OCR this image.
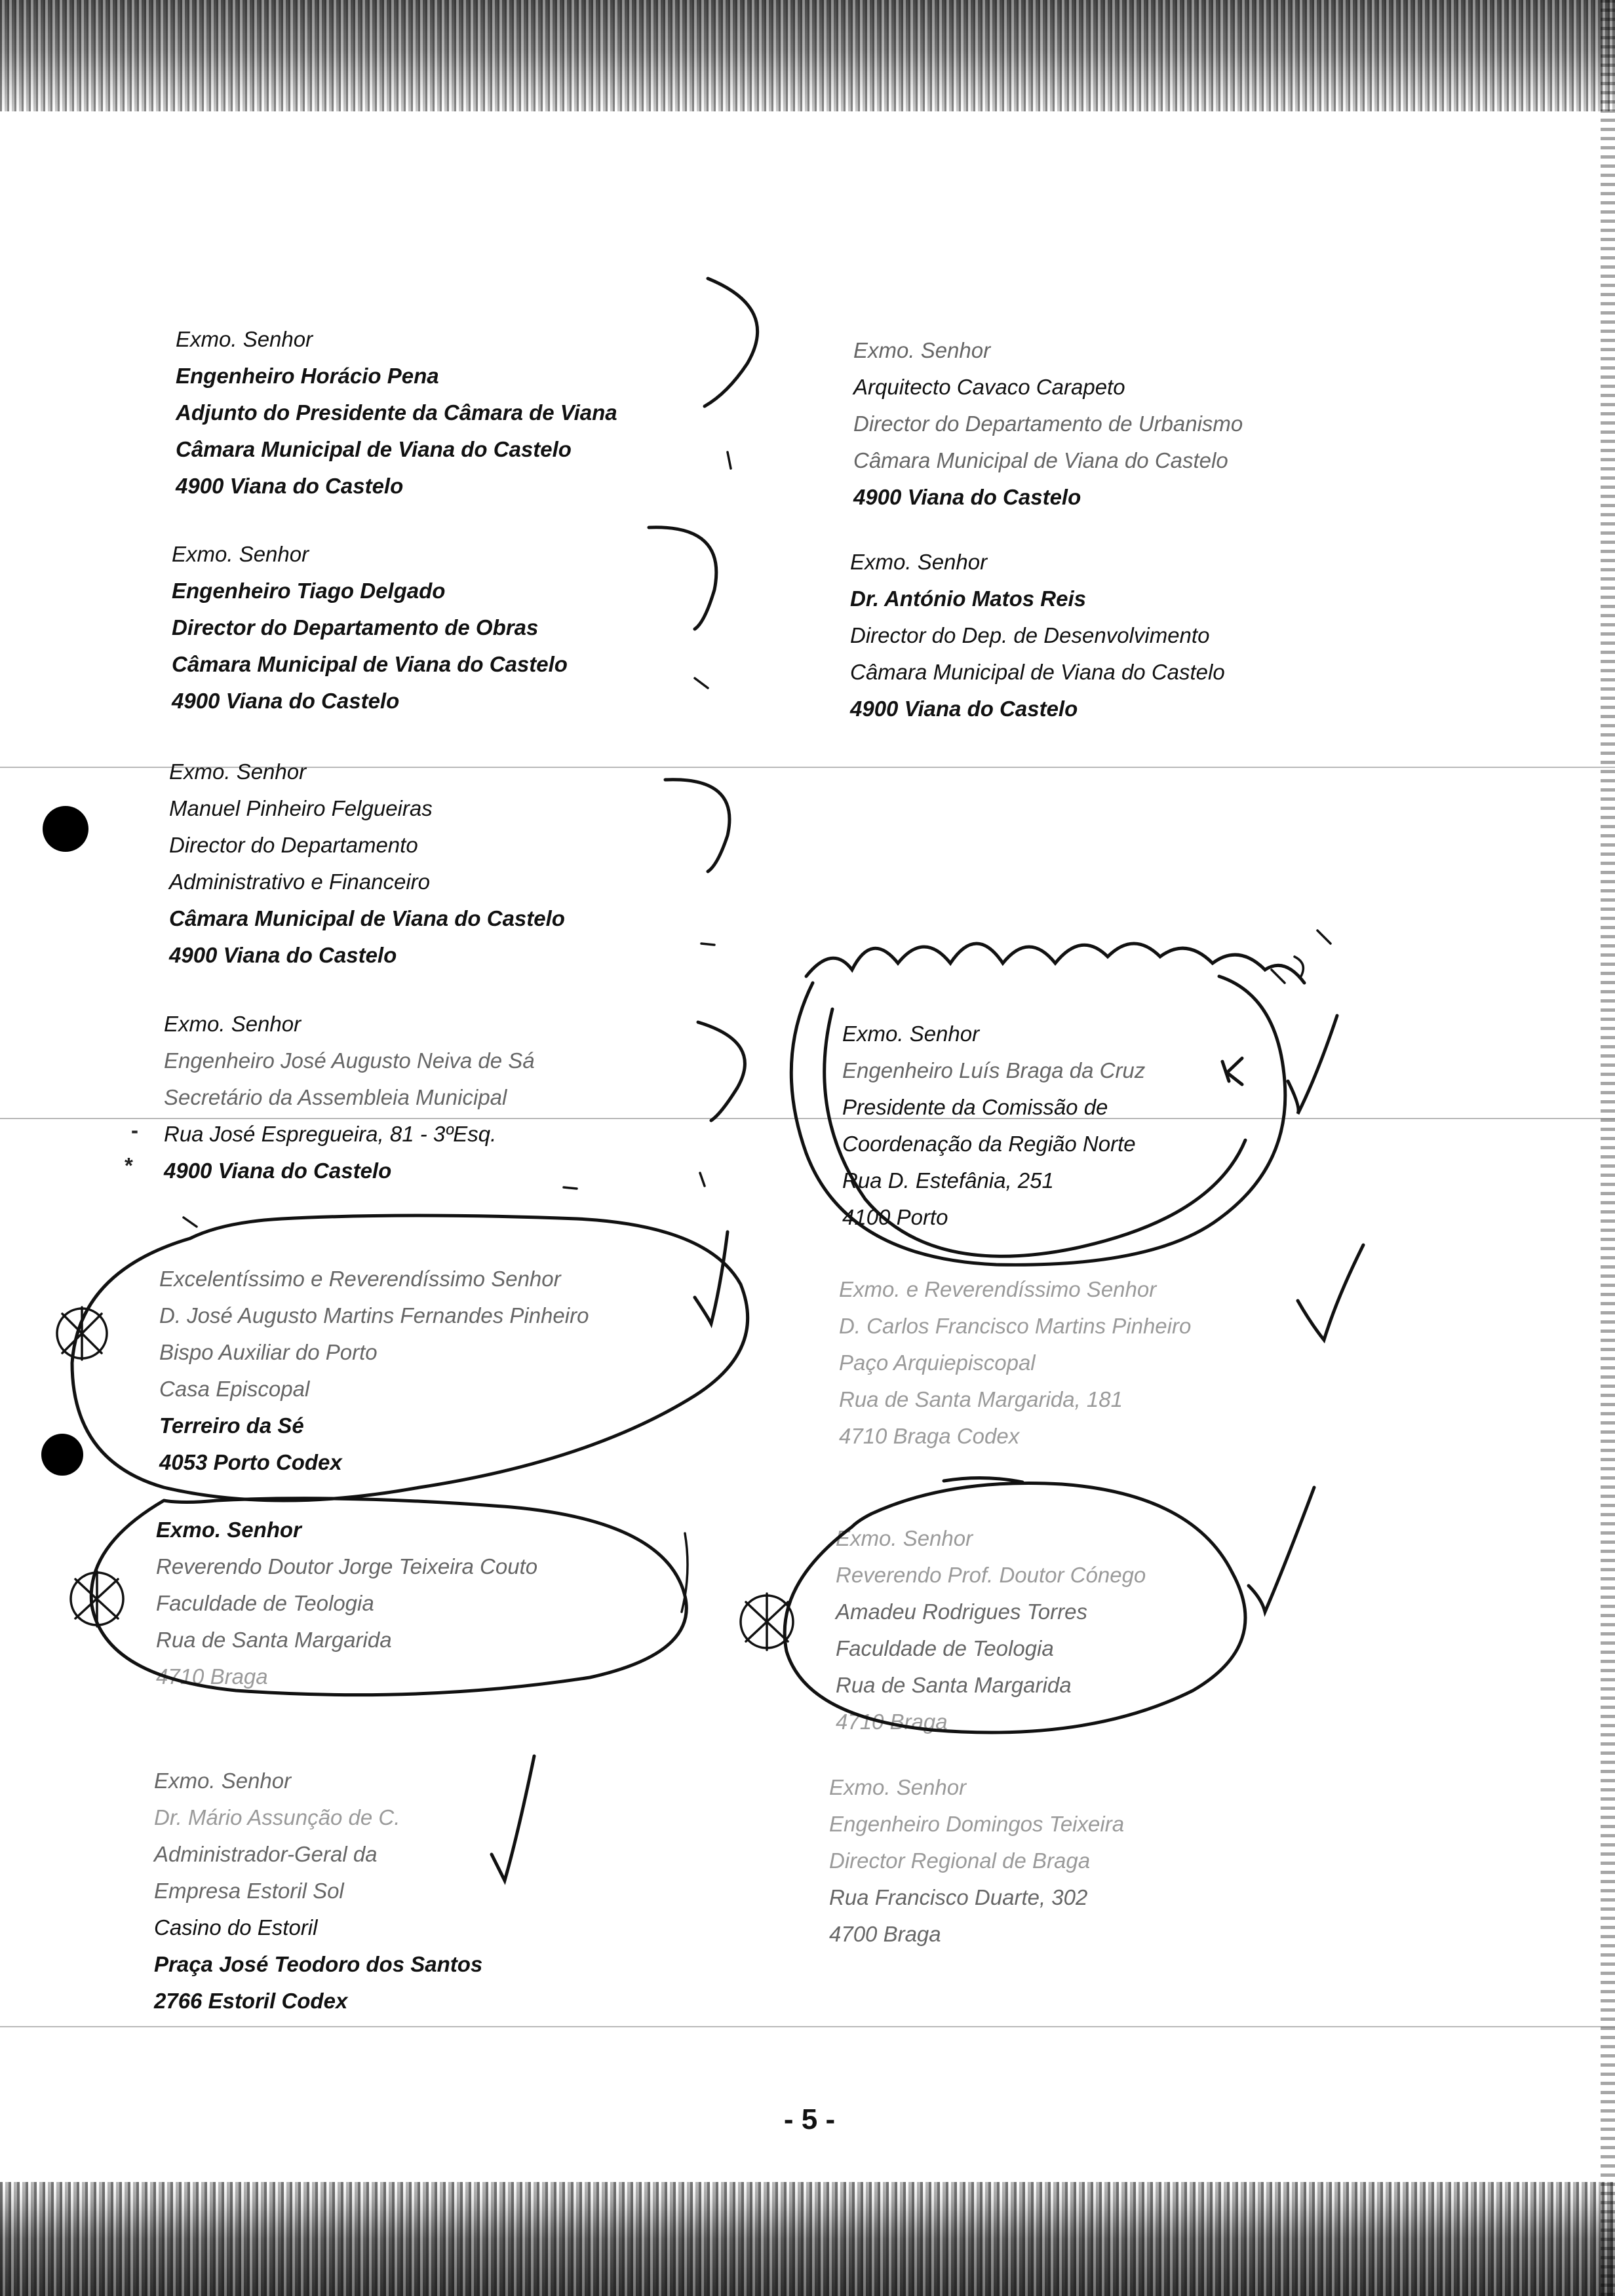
Exmo. Senhor
Engenheiro Horácio Pena
Adjunto do Presidente da Câmara de Viana
Câmara Municipal de Viana do Castelo
4900 Viana do Castelo
Exmo. Senhor
Engenheiro Tiago Delgado
Director do Departamento de Obras
Câmara Municipal de Viana do Castelo
4900 Viana do Castelo
Exmo. Senhor
Manuel Pinheiro Felgueiras
Director do Departamento
Administrativo e Financeiro
Câmara Municipal de Viana do Castelo
4900 Viana do Castelo
Exmo. Senhor
Engenheiro José Augusto Neiva de Sá
Secretário da Assembleia Municipal
Rua José Espregueira, 81 - 3ºEsq.
4900 Viana do Castelo
-
*
Excelentíssimo e Reverendíssimo Senhor
D. José Augusto Martins Fernandes Pinheiro
Bispo Auxiliar do Porto
Casa Episcopal
Terreiro da Sé
4053 Porto Codex
Exmo. Senhor
Reverendo Doutor Jorge Teixeira Couto
Faculdade de Teologia
Rua de Santa Margarida
4710 Braga
Exmo. Senhor
Dr. Mário Assunção de C.
Administrador-Geral da
Empresa Estoril Sol
Casino do Estoril
Praça José Teodoro dos Santos
2766 Estoril Codex
Exmo. Senhor
Arquitecto Cavaco Carapeto
Director do Departamento de Urbanismo
Câmara Municipal de Viana do Castelo
4900 Viana do Castelo
Exmo. Senhor
Dr. António Matos Reis
Director do Dep. de Desenvolvimento
Câmara Municipal de Viana do Castelo
4900 Viana do Castelo
Exmo. Senhor
Engenheiro Luís Braga da Cruz
Presidente da Comissão de
Coordenação da Região Norte
Rua D. Estefânia, 251
4100 Porto
Exmo. e Reverendíssimo Senhor
D. Carlos Francisco Martins Pinheiro
Paço Arquiepiscopal
Rua de Santa Margarida, 181
4710 Braga Codex
Exmo. Senhor
Reverendo Prof. Doutor Cónego
Amadeu Rodrigues Torres
Faculdade de Teologia
Rua de Santa Margarida
4710 Braga
Exmo. Senhor
Engenheiro Domingos Teixeira
Director Regional de Braga
Rua Francisco Duarte, 302
4700 Braga
- 5 -
